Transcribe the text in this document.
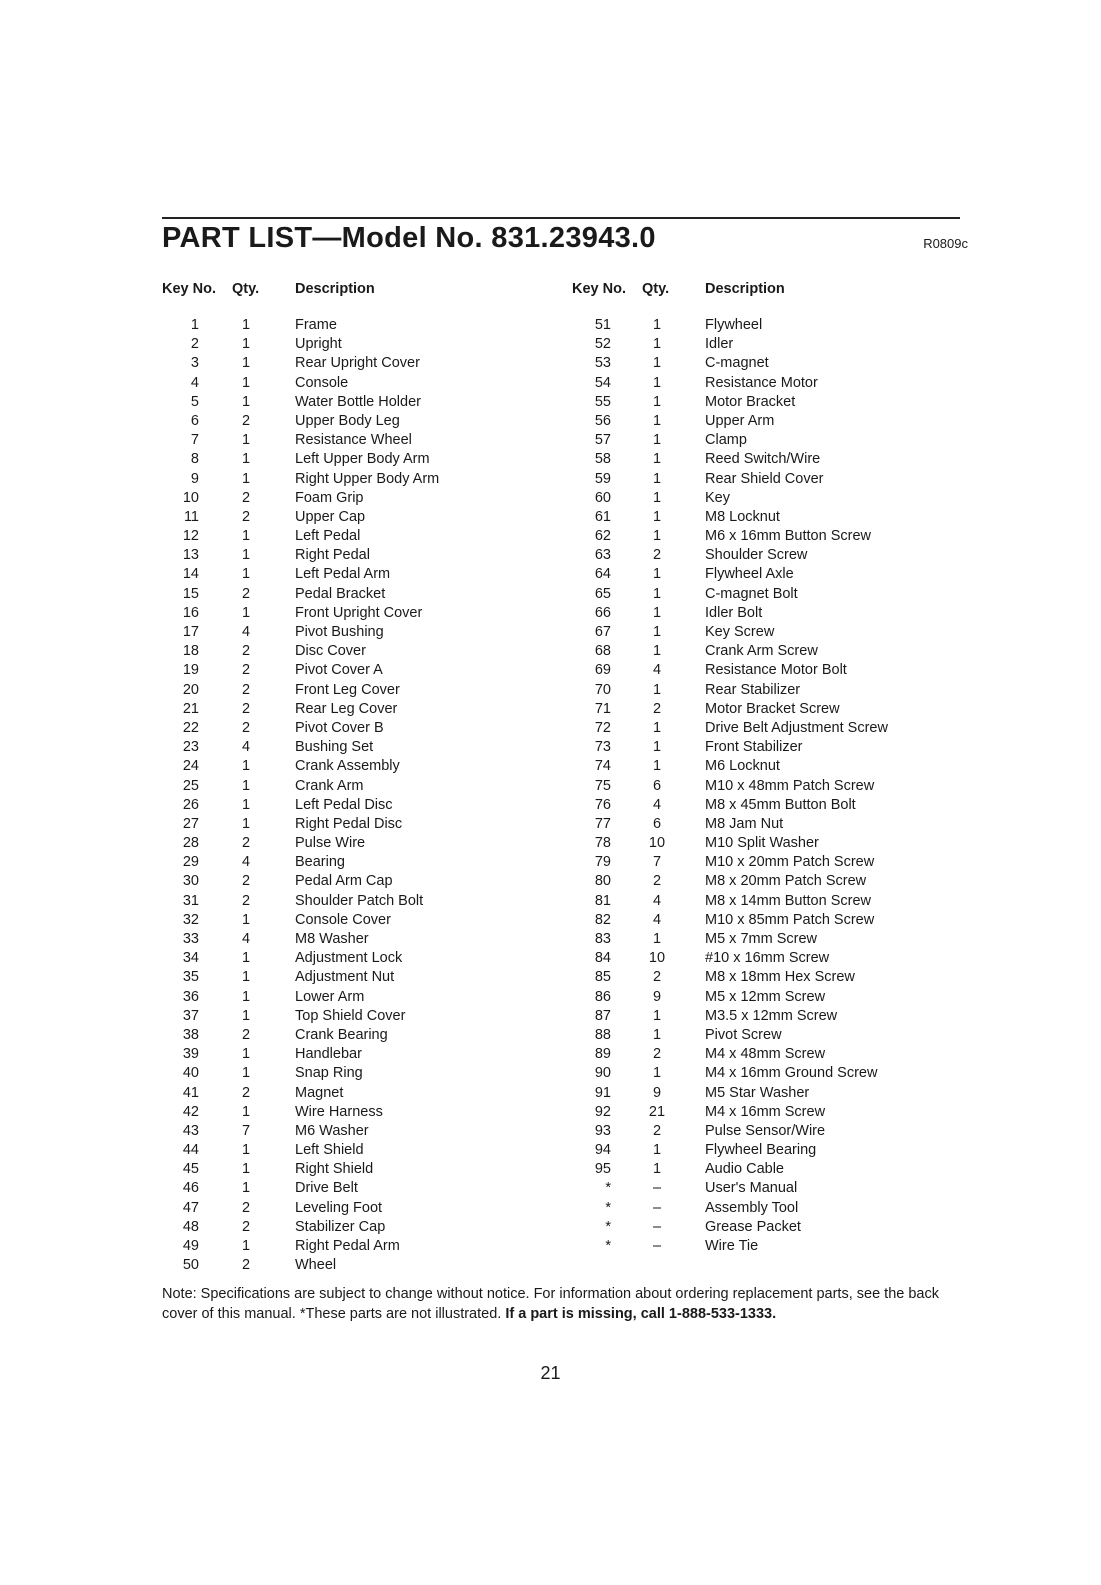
PART LIST—Model No. 831.23943.0	R0809c
Key No. Qty. Description	Key No. Qty. Description
1	1	Frame
2	1	Upright
3	1	Rear Upright Cover
4	1	Console
5	1	Water Bottle Holder
6	2	Upper Body Leg
7	1	Resistance Wheel
8	1	Left Upper Body Arm
9	1	Right Upper Body Arm
10	2	Foam Grip
11	2	Upper Cap
12	1	Left Pedal
13	1	Right Pedal
14	1	Left Pedal Arm
15	2	Pedal Bracket
16	1	Front Upright Cover
17	4	Pivot Bushing
18	2	Disc Cover
19	2	Pivot Cover A
20	2	Front Leg Cover
21	2	Rear Leg Cover
22	2	Pivot Cover B
23	4	Bushing Set
24	1	Crank Assembly
25	1	Crank Arm
26	1	Left Pedal Disc
27	1	Right Pedal Disc
28	2	Pulse Wire
29	4	Bearing
30	2	Pedal Arm Cap
31	2	Shoulder Patch Bolt
32	1	Console Cover
33	4	M8 Washer
34	1	Adjustment Lock
35	1	Adjustment Nut
36	1	Lower Arm
37	1	Top Shield Cover
38	2	Crank Bearing
39	1	Handlebar
40	1	Snap Ring
41	2	Magnet
42	1	Wire Harness
43	7	M6 Washer
44	1	Left Shield
45	1	Right Shield
46	1	Drive Belt
47	2	Leveling Foot
48	2	Stabilizer Cap
49	1	Right Pedal Arm
50	2	Wheel
51	1	Flywheel
52	1	Idler
53	1	C-magnet
54	1	Resistance Motor
55	1	Motor Bracket
56	1	Upper Arm
57	1	Clamp
58	1	Reed Switch/Wire
59	1	Rear Shield Cover
60	1	Key
61	1	M8 Locknut
62	1	M6 x 16mm Button Screw
63	2	Shoulder Screw
64	1	Flywheel Axle
65	1	C-magnet Bolt
66	1	Idler Bolt
67	1	Key Screw
68	1	Crank Arm Screw
69	4	Resistance Motor Bolt
70	1	Rear Stabilizer
71	2	Motor Bracket Screw
72	1	Drive Belt Adjustment Screw
73	1	Front Stabilizer
74	1	M6 Locknut
75	6	M10 x 48mm Patch Screw
76	4	M8 x 45mm Button Bolt
77	6	M8 Jam Nut
78	10	M10 Split Washer
79	7	M10 x 20mm Patch Screw
80	2	M8 x 20mm Patch Screw
81	4	M8 x 14mm Button Screw
82	4	M10 x 85mm Patch Screw
83	1	M5 x 7mm Screw
84	10	#10 x 16mm Screw
85	2	M8 x 18mm Hex Screw
86	9	M5 x 12mm Screw
87	1	M3.5 x 12mm Screw
88	1	Pivot Screw
89	2	M4 x 48mm Screw
90	1	M4 x 16mm Ground Screw
91	9	M5 Star Washer
92	21	M4 x 16mm Screw
93	2	Pulse Sensor/Wire
94	1	Flywheel Bearing
95	1	Audio Cable
*	–	User's Manual
*	–	Assembly Tool
*	–	Grease Packet
*	–	Wire Tie
Note: Specifications are subject to change without notice. For information about ordering replacement parts, see the back cover of this manual. *These parts are not illustrated. If a part is missing, call 1-888-533-1333.
21
